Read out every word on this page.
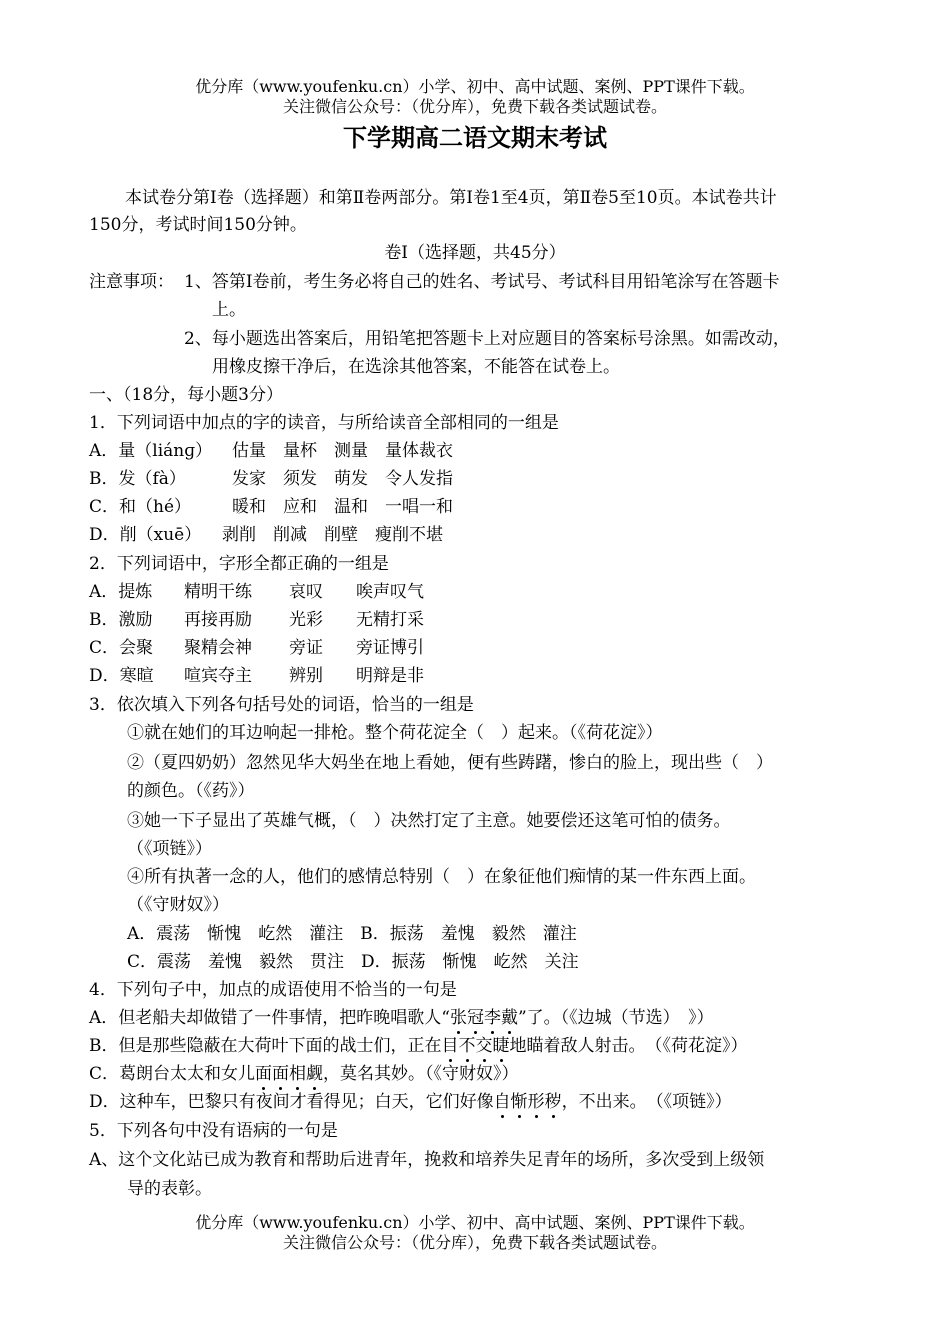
优分库（www.youfenku.cn）小学、初中、高中试题、案例、PPT课件下载。
关注微信公众号：（优分库），免费下载各类试题试卷。
下学期高二语文期末考试
本试卷分第Ⅰ卷（选择题）和第Ⅱ卷两部分。第Ⅰ卷1至4页，第Ⅱ卷5至10页。本试卷共计
150分，考试时间150分钟。
卷Ⅰ（选择题，共45分）
注意事项： 1、答第Ⅰ卷前，考生务必将自己的姓名、考试号、考试科目用铅笔涂写在答题卡
上。
2、每小题选出答案后，用铅笔把答题卡上对应题目的答案标号涂黑。如需改动，
用橡皮擦干净后，在选涂其他答案，不能答在试卷上。
一、（18分，每小题3分）
1．下列词语中加点的字的读音，与所给读音全部相同的一组是
A．量（liánɡ） 估量　量杯　测量　量体裁衣
B．发（fà）	发家　须发　萌发　令人发指
C．和（hé） 暖和　应和　温和　一唱一和
D．削（xuē） 剥削　削减　削壁　瘦削不堪
2．下列词语中，字形全都正确的一组是
A．提炼 精明干练 哀叹 唉声叹气
B．激励 再接再励 光彩 无精打采
C．会聚 聚精会神 旁证 旁证博引
D．寒暄 喧宾夺主 辨别 明辩是非
3．依次填入下列各句括号处的词语，恰当的一组是
①就在她们的耳边响起一排枪。整个荷花淀全（　）起来。（《荷花淀》）
②（夏四奶奶）忽然见华大妈坐在地上看她，便有些踌躇，惨白的脸上，现出些（　）
的颜色。（《药》）
③她一下子显出了英雄气概，（　）决然打定了主意。她要偿还这笔可怕的债务。
（《项链》）
④所有执著一念的人，他们的感情总特别（　）在象征他们痴情的某一件东西上面。
（《守财奴》）
A．震荡　惭愧　屹然　灌注　B．振荡　羞愧　毅然　灌注
C．震荡　羞愧　毅然　贯注　D．振荡　惭愧　屹然　关注
4．下列句子中，加点的成语使用不恰当的一句是
A．但老船夫却做错了一件事情，把昨晚唱歌人“张冠李戴”了。（《边城（节选）　》）
B．但是那些隐蔽在大荷叶下面的战士们，正在目不交睫地瞄着敌人射击。　（《荷花淀》）
C．葛朗台太太和女儿面面相觑，莫名其妙。（《守财奴》）
D．这种车，巴黎只有夜间才看得见；白天，它们好像自惭形秽，不出来。　（《项链》）
5．下列各句中没有语病的一句是
A、这个文化站已成为教育和帮助后进青年，挽救和培养失足青年的场所，多次受到上级领
导的表彰。
优分库（www.youfenku.cn）小学、初中、高中试题、案例、PPT课件下载。
关注微信公众号：（优分库），免费下载各类试题试卷。
